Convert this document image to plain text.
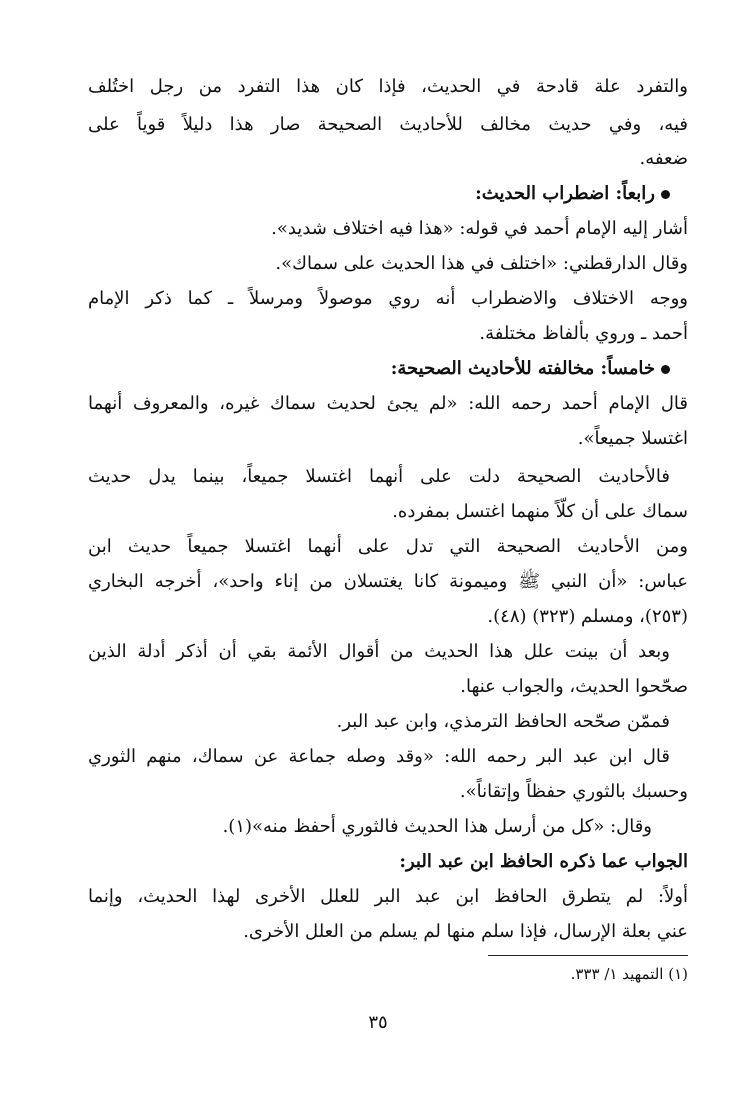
والتفرد علة قادحة في الحديث، فإذا كان هذا التفرد من رجل اختُلف
فيه، وفي حديث مخالف للأحاديث الصحيحة صار هذا دليلاً قوياً على
ضعفه.
رابعاً: اضطراب الحديث:
أشار إليه الإمام أحمد في قوله: «هذا فيه اختلاف شديد».
وقال الدارقطني: «اختلف في هذا الحديث على سماك».
ووجه الاختلاف والاضطراب أنه روي موصولاً ومرسلاً ـ كما ذكر الإمام
أحمد ـ وروي بألفاظ مختلفة.
خامساً: مخالفته للأحاديث الصحيحة:
قال الإمام أحمد رحمه الله: «لم يجئ لحديث سماك غيره، والمعروف أنهما
اغتسلا جميعاً».
فالأحاديث الصحيحة دلت على أنهما اغتسلا جميعاً، بينما يدل حديث
سماك على أن كلّاً منهما اغتسل بمفرده.
ومن الأحاديث الصحيحة التي تدل على أنهما اغتسلا جميعاً حديث ابن
عباس: «أن النبي ﷺ وميمونة كانا يغتسلان من إناء واحد»، أخرجه البخاري
(٢٥٣)، ومسلم (٣٢٣) (٤٨).
وبعد أن بينت علل هذا الحديث من أقوال الأئمة بقي أن أذكر أدلة الذين
صحّحوا الحديث، والجواب عنها.
فممّن صحّحه الحافظ الترمذي، وابن عبد البر.
قال ابن عبد البر رحمه الله: «وقد وصله جماعة عن سماك، منهم الثوري
وحسبك بالثوري حفظاً وإتقاناً».
وقال: «كل من أرسل هذا الحديث فالثوري أحفظ منه»(١).
الجواب عما ذكره الحافظ ابن عبد البر:
أولاً: لم يتطرق الحافظ ابن عبد البر للعلل الأخرى لهذا الحديث، وإنما
عني بعلة الإرسال، فإذا سلم منها لم يسلم من العلل الأخرى.
(١) التمهيد ١/ ٣٣٣.
٣٥
